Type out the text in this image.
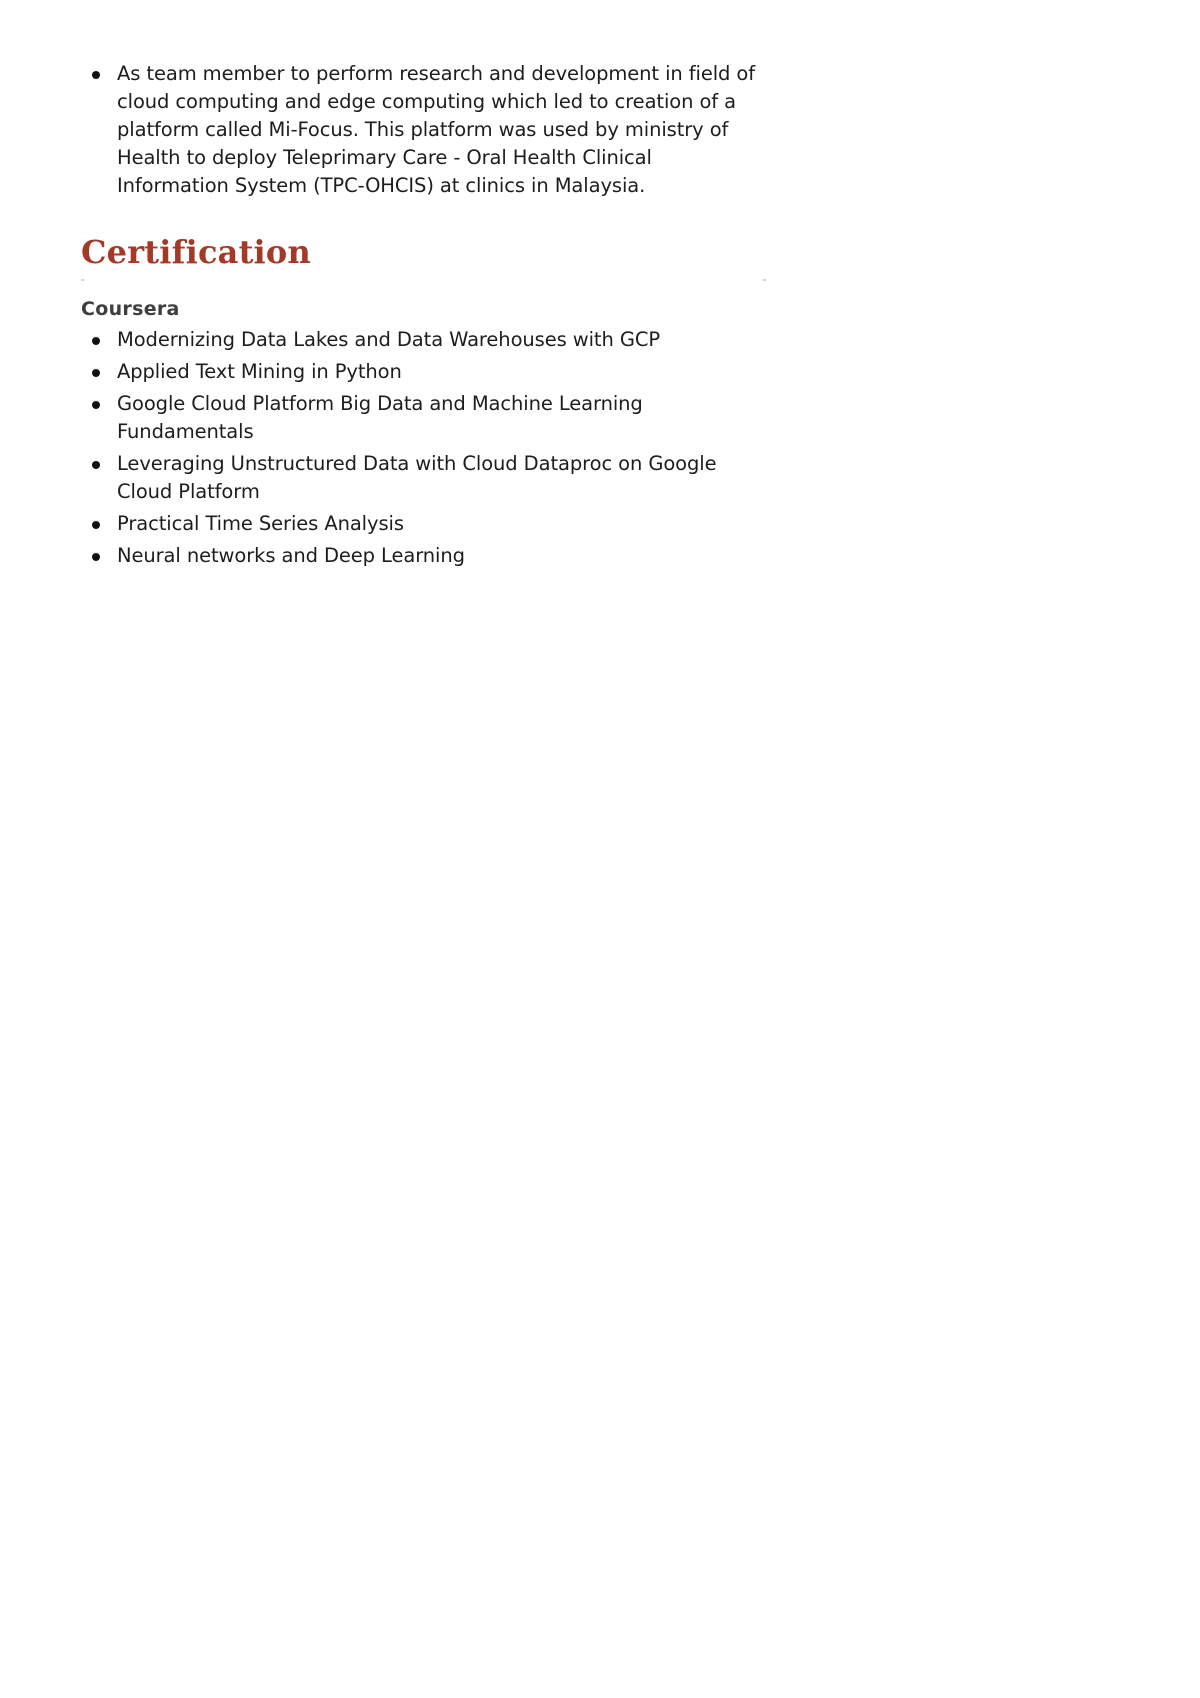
As team member to perform research and development in field of cloud computing and edge computing which led to creation of a platform called Mi-Focus. This platform was used by ministry of Health to deploy Teleprimary Care - Oral Health Clinical Information System (TPC-OHCIS) at clinics in Malaysia.
Certification
Coursera
Modernizing Data Lakes and Data Warehouses with GCP
Applied Text Mining in Python
Google Cloud Platform Big Data and Machine Learning Fundamentals
Leveraging Unstructured Data with Cloud Dataproc on Google Cloud Platform
Practical Time Series Analysis
Neural networks and Deep Learning
